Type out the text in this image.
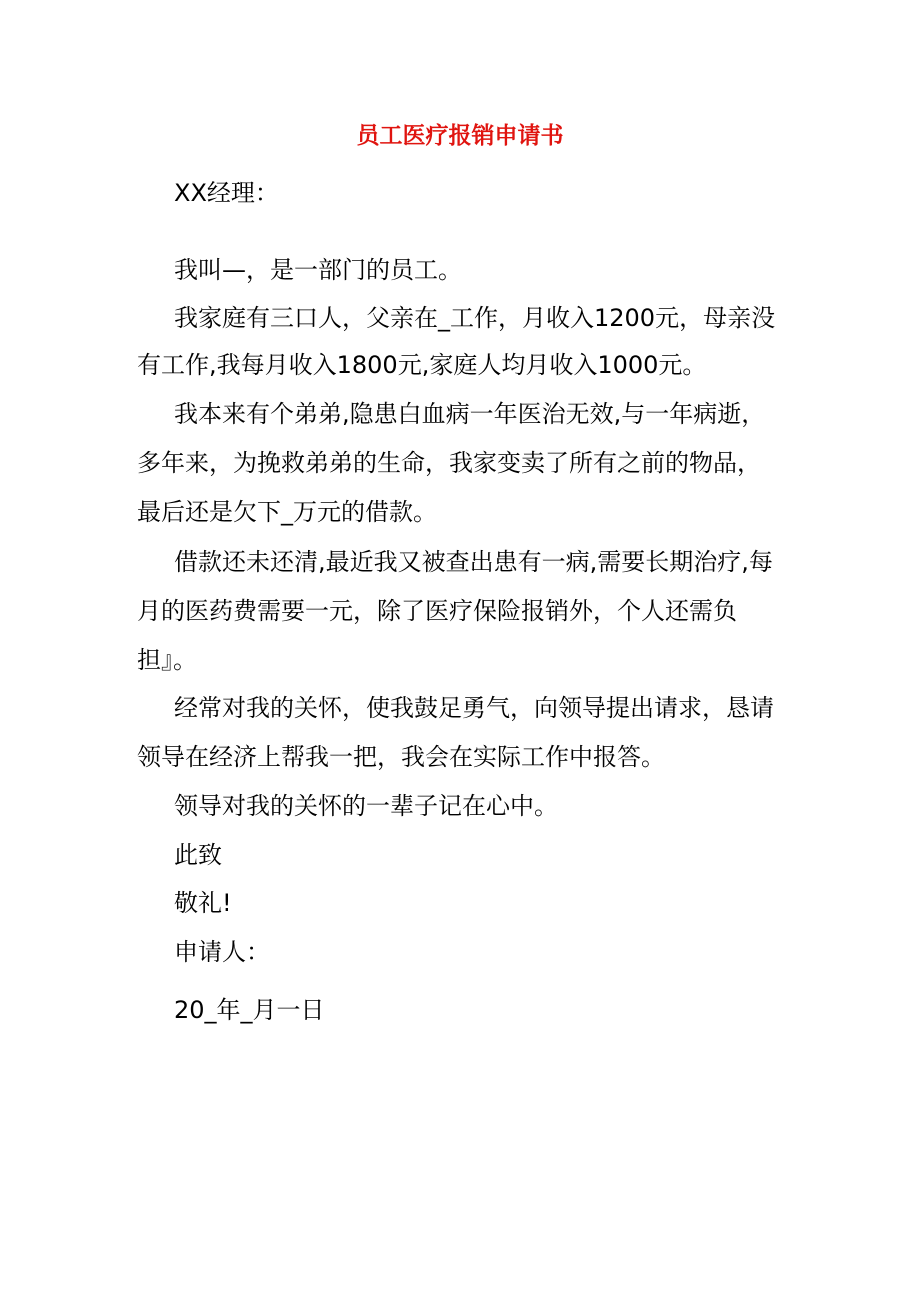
员工医疗报销申请书
XX经理：
我叫—，是一部门的员工。
我家庭有三口人，父亲在_工作，月收入1200元，母亲没
有工作,我每月收入1800元,家庭人均月收入1000元。
我本来有个弟弟,隐患白血病一年医治无效,与一年病逝，
多年来，为挽救弟弟的生命，我家变卖了所有之前的物品，
最后还是欠下_万元的借款。
借款还未还清,最近我又被查出患有一病,需要长期治疗,每
月的医药费需要一元，除了医疗保险报销外，个人还需负
担』。
经常对我的关怀，使我鼓足勇气，向领导提出请求，恳请
领导在经济上帮我一把，我会在实际工作中报答。
领导对我的关怀的一辈子记在心中。
此致
敬礼!
申请人：
20_年_月一日
